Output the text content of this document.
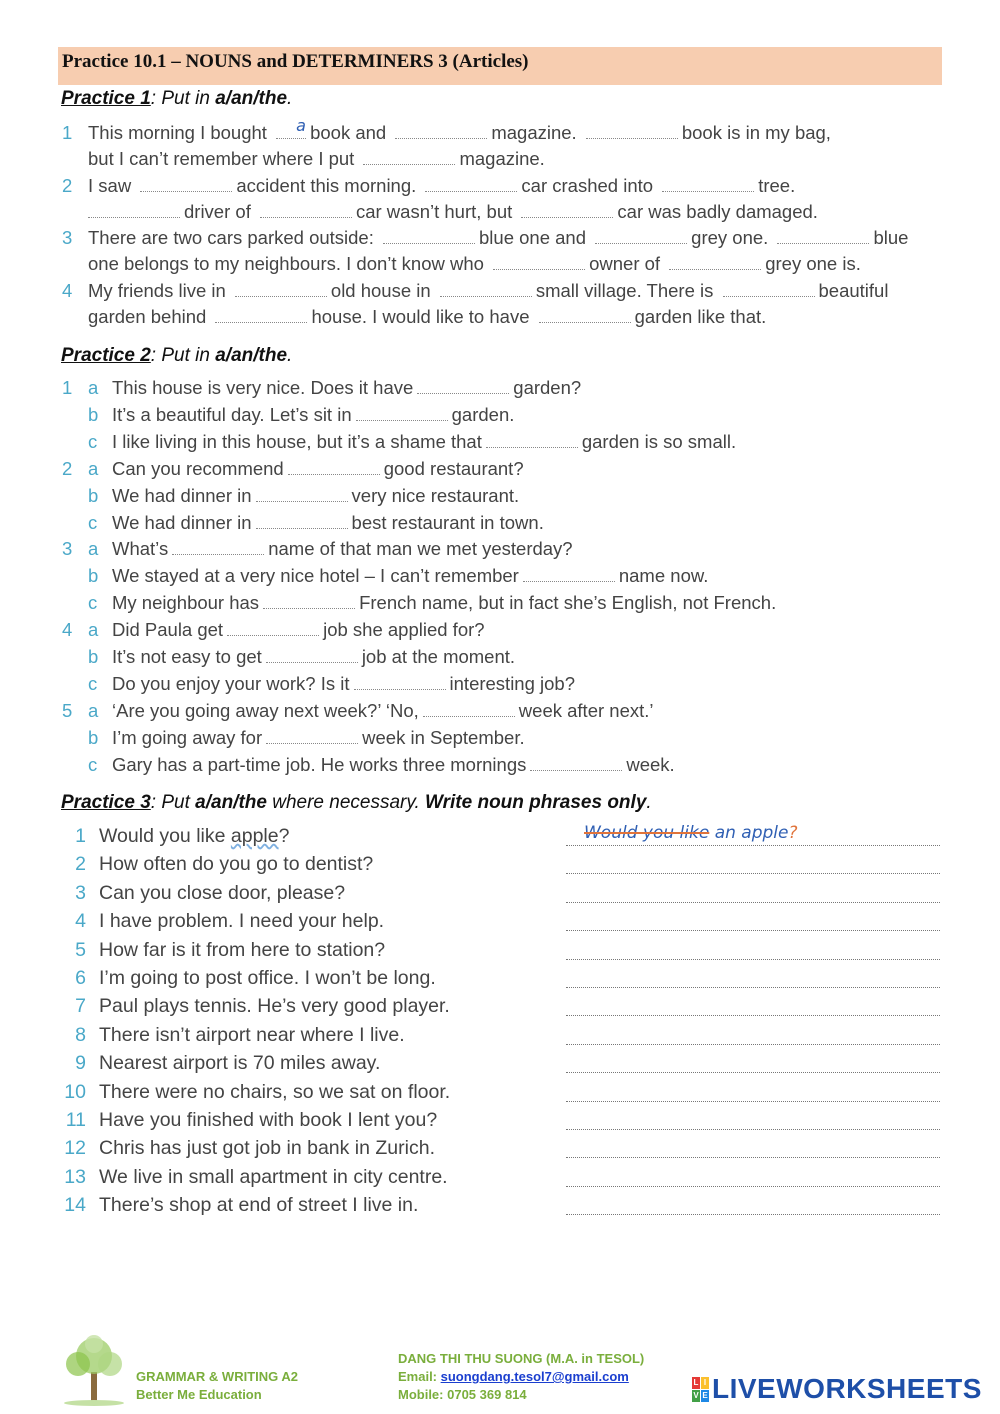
Practice 10.1 – NOUNS and DETERMINERS 3 (Articles)
Practice 1: Put in a/an/the.
1 This morning I bought a book and	magazine.	book is in my bag,
but I can’t remember where I put	magazine.
2 I saw	accident this morning.	car crashed into	tree.
driver of	car wasn’t hurt, but	car was badly damaged.
3 There are two cars parked outside:	blue one and	grey one.	blue
one belongs to my neighbours. I don’t know who	owner of	grey one is.
4 My friends live in	old house in	small village. There is	beautiful
garden behind	house. I would like to have	garden like that.
Practice 2: Put in a/an/the.
1 a This house is very nice. Does it have	garden?
b It’s a beautiful day. Let’s sit in	garden.
c I like living in this house, but it’s a shame that	garden is so small.
2 a Can you recommend	good restaurant?
b We had dinner in	very nice restaurant.
c We had dinner in	best restaurant in town.
3 a What’s	name of that man we met yesterday?
b We stayed at a very nice hotel – I can’t remember	name now.
c My neighbour has	French name, but in fact she’s English, not French.
4 a Did Paula get	job she applied for?
b It’s not easy to get	job at the moment.
c Do you enjoy your work? Is it	interesting job?
5 a ‘Are you going away next week?’ ‘No,	week after next.’
b I’m going away for	week in September.
c Gary has a part-time job. He works three mornings	week.
Practice 3: Put a/an/the where necessary. Write noun phrases only.
1 Would you like apple?	Would you like an apple?
2 How often do you go to dentist?
3 Can you close door, please?
4 I have problem. I need your help.
5 How far is it from here to station?
6 I’m going to post office. I won’t be long.
7 Paul plays tennis. He’s very good player.
8 There isn’t airport near where I live.
9 Nearest airport is 70 miles away.
10 There were no chairs, so we sat on floor.
11 Have you finished with book I lent you?
12 Chris has just got job in bank in Zurich.
13 We live in small apartment in city centre.
14 There’s shop at end of street I live in.
GRAMMAR & WRITING A2
Better Me Education
DANG THI THU SUONG (M.A. in TESOL)
Email: suongdang.tesol7@gmail.com
Mobile: 0705 369 814
L I
V E LIVEWORKSHEETS
